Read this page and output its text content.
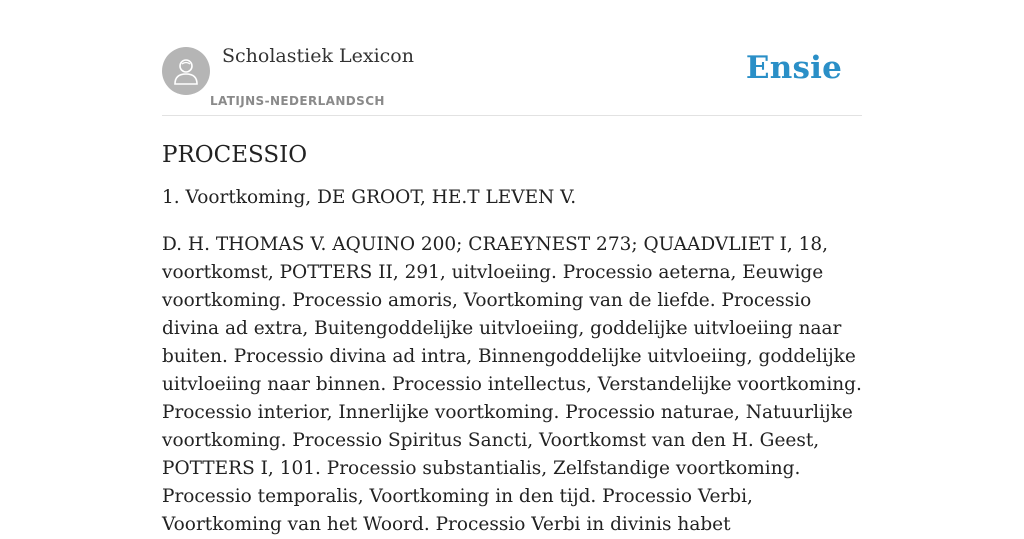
Scholastiek Lexicon
LATIJNS-NEDERLANDSCH
Ensie
PROCESSIO

1. Voortkoming, DE GROOT, HE.T LEVEN V.

D. H. THOMAS V. AQUINO 200; CRAEYNEST 273; QUAADVLIET I, 18, voortkomst, POTTERS II, 291, uitvloeiing. Processio aeterna, Eeuwige voortkoming. Processio amoris, Voortkoming van de liefde. Processio divina ad extra, Buitengoddelijke uitvloeiing, goddelijke uitvloeiing naar buiten. Processio divina ad intra, Binnengoddelijke uitvloeiing, goddelijke uitvloeiing naar binnen. Processio intellectus, Verstandelijke voortkoming. Processio interior, Innerlijke voortkoming. Processio naturae, Natuurlijke voortkoming. Processio Spiritus Sancti, Voortkomst van den H. Geest, POTTERS I, 101. Processio substantialis, Zelfstandige voortkoming. Processio temporalis, Voortkoming in den tijd. Processio Verbi, Voortkoming van het Woord. Processio Verbi in divinis habet
